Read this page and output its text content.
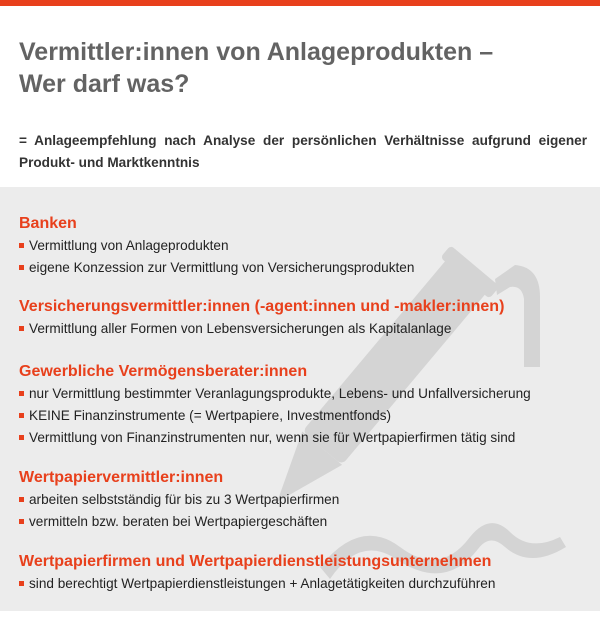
Vermittler:innen von Anlageprodukten –
Wer darf was?

= Anlageempfehlung nach Analyse der persönlichen Verhältnisse aufgrund eigener Produkt- und Marktkenntnis

Banken
Vermittlung von Anlageprodukten
eigene Konzession zur Vermittlung von Versicherungsprodukten
Versicherungsvermittler:innen (-agent:innen und -makler:innen)
Vermittlung aller Formen von Lebensversicherungen als Kapitalanlage
Gewerbliche Vermögensberater:innen
nur Vermittlung bestimmter Veranlagungsprodukte, Lebens- und Unfallversicherung
KEINE Finanzinstrumente (= Wertpapiere, Investmentfonds)
Vermittlung von Finanzinstrumenten nur, wenn sie für Wertpapierfirmen tätig sind
Wertpapiervermittler:innen
arbeiten selbstständig für bis zu 3 Wertpapierfirmen
vermitteln bzw. beraten bei Wertpapiergeschäften
Wertpapierfirmen und Wertpapierdienstleistungsunternehmen
sind berechtigt Wertpapierdienstleistungen + Anlagetätigkeiten durchzuführen
